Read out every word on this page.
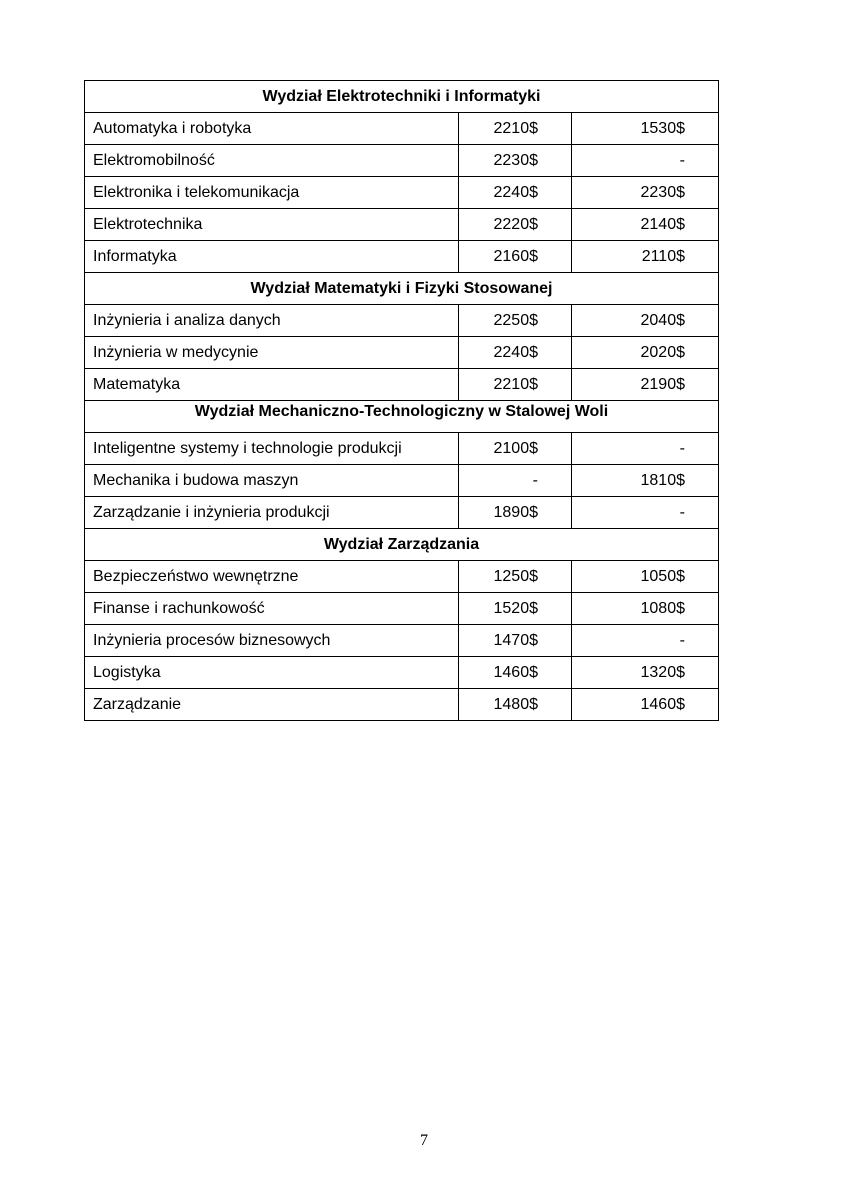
Wydział Elektrotechniki i Informatyki		
Automatyka i robotyka	2210$	1530$
Elektromobilność	2230$	-
Elektronika i telekomunikacja	2240$	2230$
Elektrotechnika	2220$	2140$
Informatyka	2160$	2110$
Wydział Matematyki i Fizyki Stosowanej		
Inżynieria i analiza danych	2250$	2040$
Inżynieria w medycynie	2240$	2020$
Matematyka	2210$	2190$
Wydział Mechaniczno-Technologiczny w Stalowej Woli		
Inteligentne systemy i technologie produkcji	2100$	-
Mechanika i budowa maszyn	-	1810$
Zarządzanie i inżynieria produkcji	1890$	-
Wydział Zarządzania		
Bezpieczeństwo wewnętrzne	1250$	1050$
Finanse i rachunkowość	1520$	1080$
Inżynieria procesów biznesowych	1470$	-
Logistyka	1460$	1320$
Zarządzanie	1480$	1460$
7
